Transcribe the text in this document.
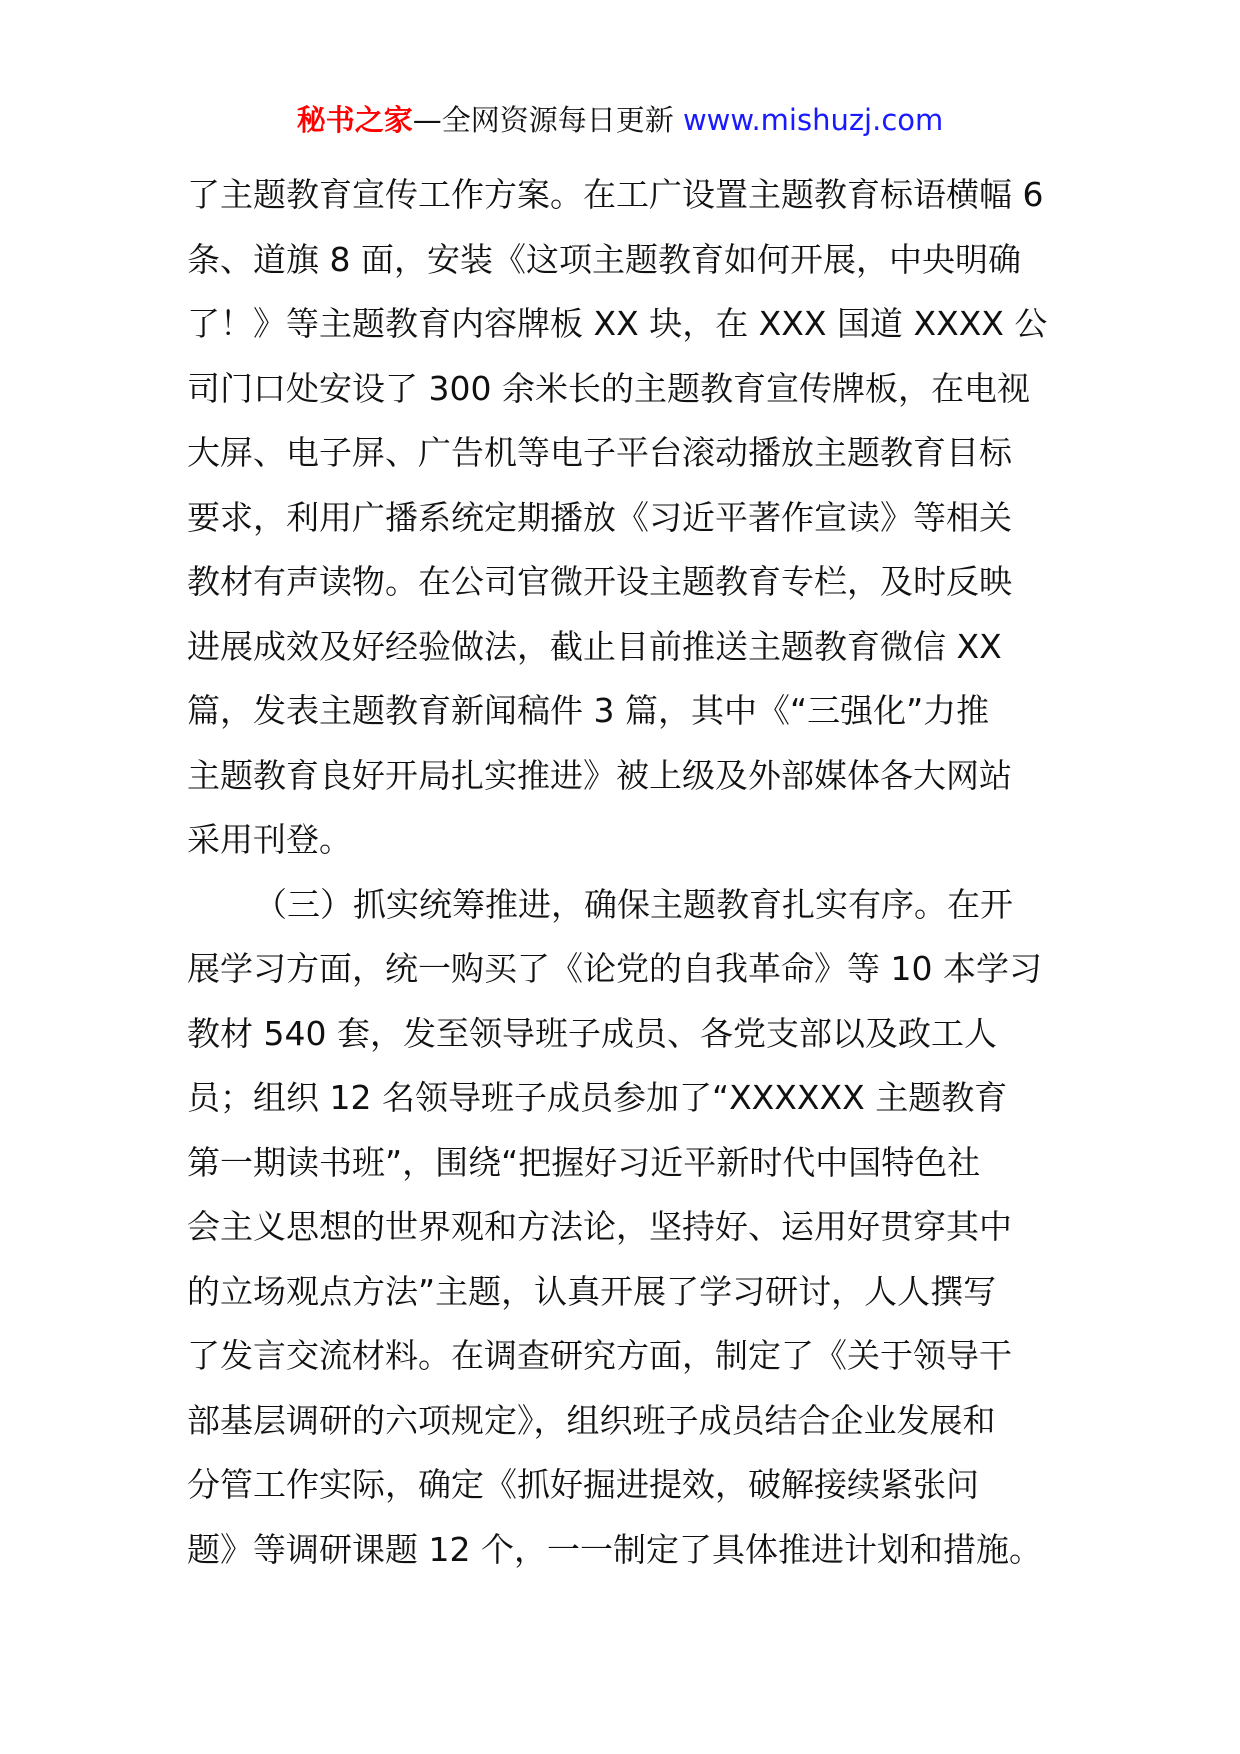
秘书之家—全网资源每日更新 www.mishuzj.com
了主题教育宣传工作方案。在工广设置主题教育标语横幅 6
条、道旗 8 面，安装《这项主题教育如何开展，中央明确
了！》等主题教育内容牌板 XX 块，在 XXX 国道 XXXX 公
司门口处安设了 300 余米长的主题教育宣传牌板，在电视
大屏、电子屏、广告机等电子平台滚动播放主题教育目标
要求，利用广播系统定期播放《习近平著作宣读》等相关
教材有声读物。在公司官微开设主题教育专栏，及时反映
进展成效及好经验做法，截止目前推送主题教育微信 XX
篇，发表主题教育新闻稿件 3 篇，其中《“三强化”力推
主题教育良好开局扎实推进》被上级及外部媒体各大网站
采用刊登。
（三）抓实统筹推进，确保主题教育扎实有序。在开
展学习方面，统一购买了《论党的自我革命》等 10 本学习
教材 540 套，发至领导班子成员、各党支部以及政工人
员；组织 12 名领导班子成员参加了“XXXXXX 主题教育
第一期读书班”，围绕“把握好习近平新时代中国特色社
会主义思想的世界观和方法论，坚持好、运用好贯穿其中
的立场观点方法”主题，认真开展了学习研讨，人人撰写
了发言交流材料。在调查研究方面，制定了《关于领导干
部基层调研的六项规定》，组织班子成员结合企业发展和
分管工作实际，确定《抓好掘进提效，破解接续紧张问
题》等调研课题 12 个，一一制定了具体推进计划和措施。
